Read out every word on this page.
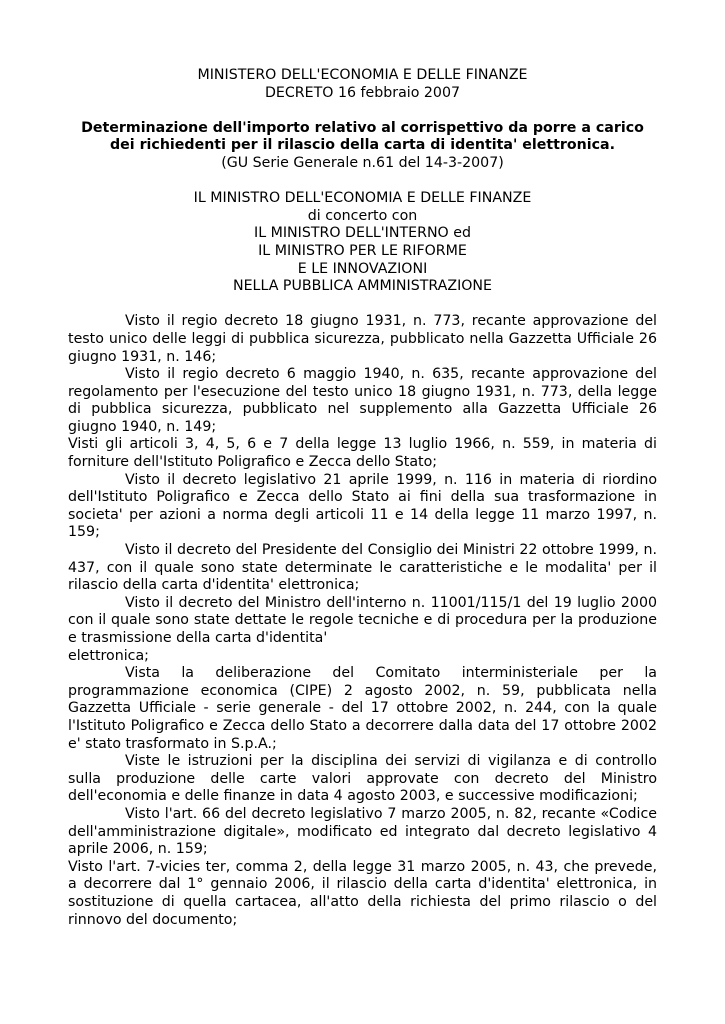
MINISTERO DELL'ECONOMIA E DELLE FINANZE
DECRETO 16 febbraio 2007
Determinazione dell'importo relativo al corrispettivo da porre a carico
dei richiedenti per il rilascio della carta di identita' elettronica.
(GU Serie Generale n.61 del 14-3-2007)
IL MINISTRO DELL'ECONOMIA E DELLE FINANZE
di concerto con
IL MINISTRO DELL'INTERNO ed
IL MINISTRO PER LE RIFORME
E LE INNOVAZIONI
NELLA PUBBLICA AMMINISTRAZIONE

Visto il regio decreto 18 giugno 1931, n. 773, recante approvazione del testo unico delle leggi di pubblica sicurezza, pubblicato nella Gazzetta Ufficiale 26 giugno 1931, n. 146;

Visto il regio decreto 6 maggio 1940, n. 635, recante approvazione del regolamento per l'esecuzione del testo unico 18 giugno 1931, n. 773, della legge di pubblica sicurezza, pubblicato nel supplemento alla Gazzetta Ufficiale 26 giugno 1940, n. 149;

Visti gli articoli 3, 4, 5, 6 e 7 della legge 13 luglio 1966, n. 559, in materia di forniture dell'Istituto Poligrafico e Zecca dello Stato;

Visto il decreto legislativo 21 aprile 1999, n. 116 in materia di riordino dell'Istituto Poligrafico e Zecca dello Stato ai fini della sua trasformazione in societa' per azioni a norma degli articoli 11 e 14 della legge 11 marzo 1997, n. 159;

Visto il decreto del Presidente del Consiglio dei Ministri 22 ottobre 1999, n. 437, con il quale sono state determinate le caratteristiche e le modalita' per il rilascio della carta d'identita' elettronica;

Visto il decreto del Ministro dell'interno n. 11001/115/1 del 19 luglio 2000 con il quale sono state dettate le regole tecniche e di procedura per la produzione e trasmissione della carta d'identita'

elettronica;

Vista la deliberazione del Comitato interministeriale per la programmazione economica (CIPE) 2 agosto 2002, n. 59, pubblicata nella Gazzetta Ufficiale - serie generale - del 17 ottobre 2002, n. 244, con la quale l'Istituto Poligrafico e Zecca dello Stato a decorrere dalla data del 17 ottobre 2002 e' stato trasformato in S.p.A.;

Viste le istruzioni per la disciplina dei servizi di vigilanza e di controllo sulla produzione delle carte valori approvate con decreto del Ministro dell'economia e delle finanze in data 4 agosto 2003, e successive modificazioni;

Visto l'art. 66 del decreto legislativo 7 marzo 2005, n. 82, recante «Codice dell'amministrazione digitale», modificato ed integrato dal decreto legislativo 4 aprile 2006, n. 159;

Visto l'art. 7-vicies ter, comma 2, della legge 31 marzo 2005, n. 43, che prevede, a decorrere dal 1° gennaio 2006, il rilascio della carta d'identita' elettronica, in sostituzione di quella cartacea, all'atto della richiesta del primo rilascio o del rinnovo del documento;
